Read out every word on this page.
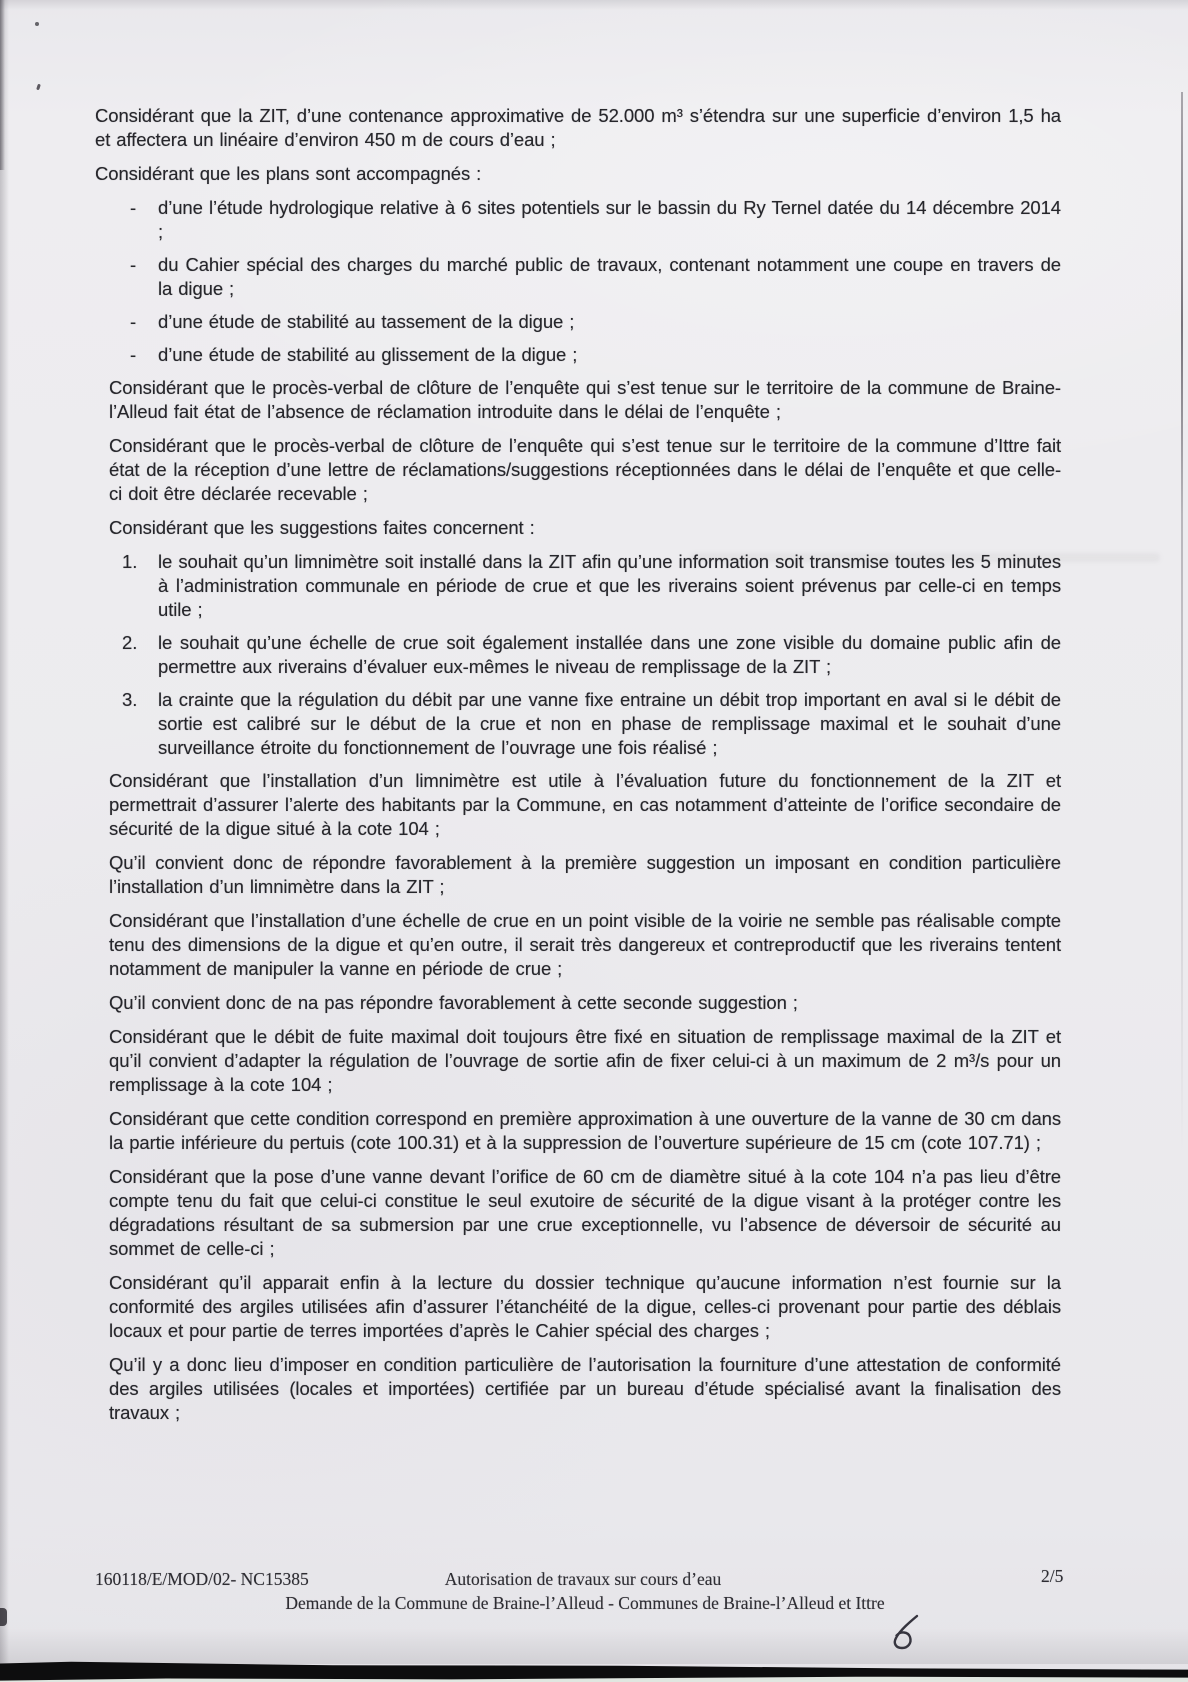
Considérant que la ZIT, d’une contenance approximative de 52.000 m³ s’étendra sur une superficie d’environ 1,5 ha et affectera un linéaire d’environ 450 m de cours d’eau ;
Considérant que les plans sont accompagnés :
- d’une l’étude hydrologique relative à 6 sites potentiels sur le bassin du Ry Ternel datée du 14 décembre 2014 ;
- du Cahier spécial des charges du marché public de travaux, contenant notamment une coupe en travers de la digue ;
- d’une étude de stabilité au tassement de la digue ;
- d’une étude de stabilité au glissement de la digue ;
Considérant que le procès-verbal de clôture de l’enquête qui s’est tenue sur le territoire de la commune de Braine-l’Alleud fait état de l’absence de réclamation introduite dans le délai de l’enquête ;
Considérant que le procès-verbal de clôture de l’enquête qui s’est tenue sur le territoire de la commune d’Ittre fait état de la réception d’une lettre de réclamations/suggestions réceptionnées dans le délai de l’enquête et que celle-ci doit être déclarée recevable ;
Considérant que les suggestions faites concernent :
1. le souhait qu’un limnimètre soit installé dans la ZIT afin qu’une information soit transmise toutes les 5 minutes à l’administration communale en période de crue et que les riverains soient prévenus par celle-ci en temps utile ;
2. le souhait qu’une échelle de crue soit également installée dans une zone visible du domaine public afin de permettre aux riverains d’évaluer eux-mêmes le niveau de remplissage de la ZIT ;
3. la crainte que la régulation du débit par une vanne fixe entraine un débit trop important en aval si le débit de sortie est calibré sur le début de la crue et non en phase de remplissage maximal et le souhait d’une surveillance étroite du fonctionnement de l’ouvrage une fois réalisé ;
Considérant que l’installation d’un limnimètre est utile à l’évaluation future du fonctionnement de la ZIT et permettrait d’assurer l’alerte des habitants par la Commune, en cas notamment d’atteinte de l’orifice secondaire de sécurité de la digue situé à la cote 104 ;
Qu’il convient donc de répondre favorablement à la première suggestion un imposant en condition particulière l’installation d’un limnimètre dans la ZIT ;
Considérant que l’installation d’une échelle de crue en un point visible de la voirie ne semble pas réalisable compte tenu des dimensions de la digue et qu’en outre, il serait très dangereux et contreproductif que les riverains tentent notamment de manipuler la vanne en période de crue ;
Qu’il convient donc de na pas répondre favorablement à cette seconde suggestion ;
Considérant que le débit de fuite maximal doit toujours être fixé en situation de remplissage maximal de la ZIT et qu’il convient d’adapter la régulation de l’ouvrage de sortie afin de fixer celui-ci à un maximum de 2 m³/s pour un remplissage à la cote 104 ;
Considérant que cette condition correspond en première approximation à une ouverture de la vanne de 30 cm dans la partie inférieure du pertuis (cote 100.31) et à la suppression de l’ouverture supérieure de 15 cm (cote 107.71) ;
Considérant que la pose d’une vanne devant l’orifice de 60 cm de diamètre situé à la cote 104 n’a pas lieu d’être compte tenu du fait que celui-ci constitue le seul exutoire de sécurité de la digue visant à la protéger contre les dégradations résultant de sa submersion par une crue exceptionnelle, vu l’absence de déversoir de sécurité au sommet de celle-ci ;
Considérant qu’il apparait enfin à la lecture du dossier technique qu’aucune information n’est fournie sur la conformité des argiles utilisées afin d’assurer l’étanchéité de la digue, celles-ci provenant pour partie des déblais locaux et pour partie de terres importées d’après le Cahier spécial des charges ;
Qu’il y a donc lieu d’imposer en condition particulière de l’autorisation la fourniture d’une attestation de conformité des argiles utilisées (locales et importées) certifiée par un bureau d’étude spécialisé avant la finalisation des travaux ;
160118/E/MOD/02- NC15385	Autorisation de travaux sur cours d’eau	2/5
Demande de la Commune de Braine-l’Alleud - Communes de Braine-l’Alleud et Ittre
